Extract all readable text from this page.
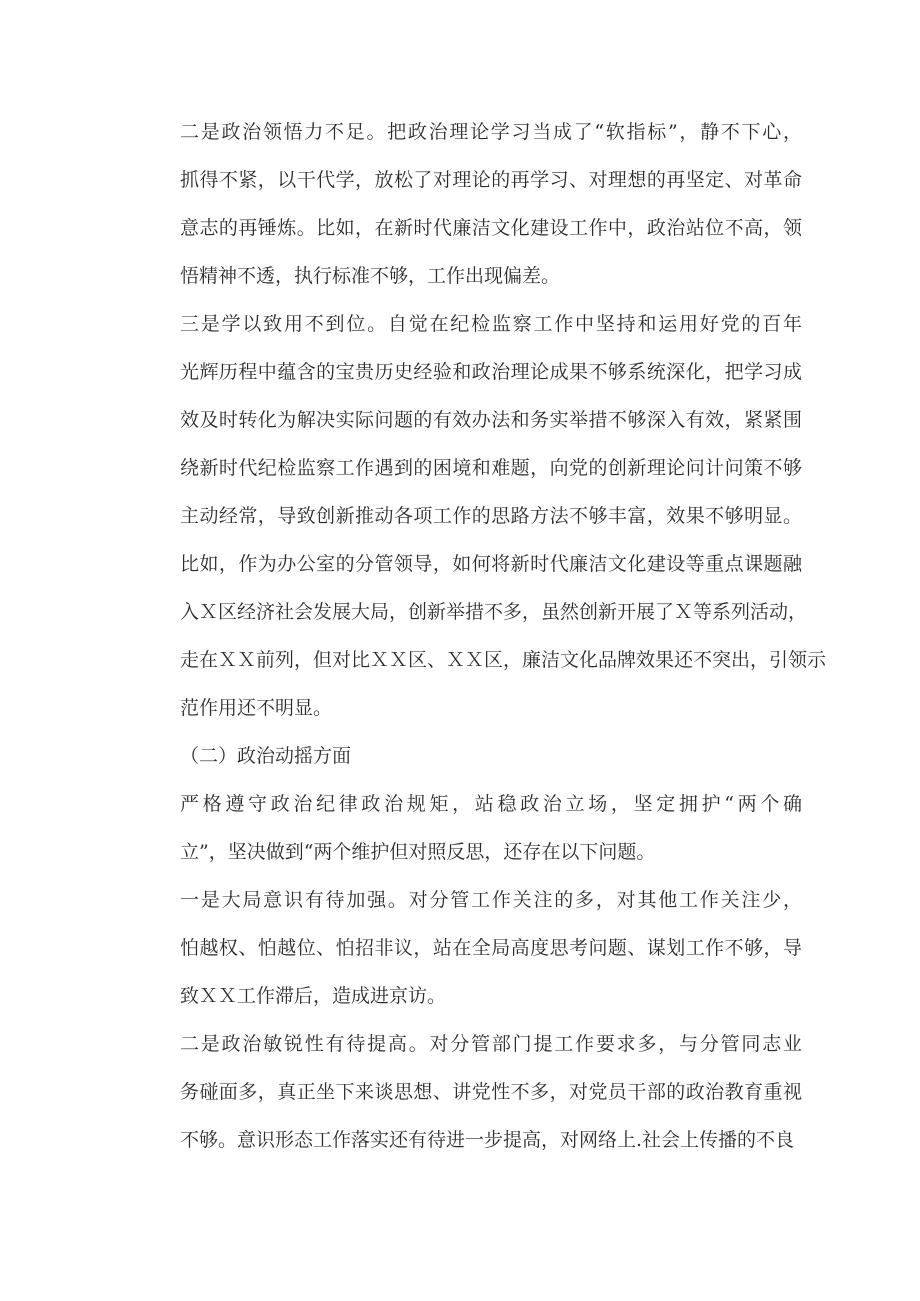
二是政治领悟力不足。把政治理论学习当成了“软指标”，静不下心，
抓得不紧，以干代学，放松了对理论的再学习、对理想的再坚定、对革命
意志的再锤炼。比如，在新时代廉洁文化建设工作中，政治站位不高，领
悟精神不透，执行标准不够，工作出现偏差。
三是学以致用不到位。自觉在纪检监察工作中坚持和运用好党的百年
光辉历程中蕴含的宝贵历史经验和政治理论成果不够系统深化，把学习成
效及时转化为解决实际问题的有效办法和务实举措不够深入有效，紧紧围
绕新时代纪检监察工作遇到的困境和难题，向党的创新理论问计问策不够
主动经常，导致创新推动各项工作的思路方法不够丰富，效果不够明显。
比如，作为办公室的分管领导，如何将新时代廉洁文化建设等重点课题融
入Ｘ区经济社会发展大局，创新举措不多，虽然创新开展了Ｘ等系列活动，
走在ＸＸ前列，但对比ＸＸ区、ＸＸ区，廉洁文化品牌效果还不突出，引领示
范作用还不明显。
（二）政治动摇方面
严格遵守政治纪律政治规矩，站稳政治立场，坚定拥护“两个确
立”，坚决做到“两个维护但对照反思，还存在以下问题。
一是大局意识有待加强。对分管工作关注的多，对其他工作关注少，
怕越权、怕越位、怕招非议，站在全局高度思考问题、谋划工作不够，导
致ＸＸ工作滞后，造成进京访。
二是政治敏锐性有待提高。对分管部门提工作要求多，与分管同志业
务碰面多，真正坐下来谈思想、讲党性不多，对党员干部的政治教育重视
不够。意识形态工作落实还有待进一步提高，对网络上.社会上传播的不良
